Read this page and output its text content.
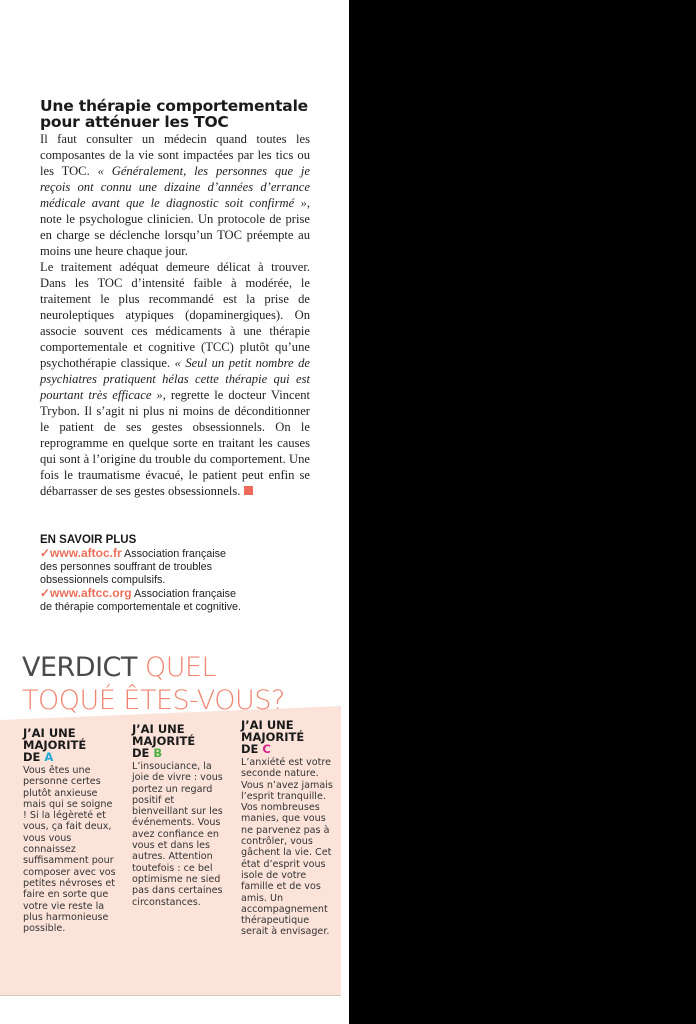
Une thérapie comportementale
pour atténuer les TOC
Il faut consulter un médecin quand toutes les composantes de la vie sont impactées par les tics ou les TOC. « Généralement, les personnes que je reçois ont connu une dizaine d’années d’errance médicale avant que le diagnostic soit confirmé », note le psychologue clinicien. Un protocole de prise en charge se déclenche lorsqu’un TOC préempte au moins une heure chaque jour.
Le traitement adéquat demeure délicat à trouver. Dans les TOC d’intensité faible à modérée, le traitement le plus recommandé est la prise de neuroleptiques atypiques (dopaminergiques). On associe souvent ces médicaments à une thérapie comportementale et cognitive (TCC) plutôt qu’une psychothérapie classique. « Seul un petit nombre de psychiatres pratiquent hélas cette thérapie qui est pourtant très efficace », regrette le docteur Vincent Trybon. Il s’agit ni plus ni moins de déconditionner le patient de ses gestes obsessionnels. On le reprogramme en quelque sorte en traitant les causes qui sont à l’origine du trouble du comportement. Une fois le traumatisme évacué, le patient peut enfin se débarrasser de ses gestes obsessionnels.
EN SAVOIR PLUS
✓www.aftoc.fr Association française
des personnes souffrant de troubles
obsessionnels compulsifs.
✓www.aftcc.org Association française
de thérapie comportementale et cognitive.
VERDICT QUEL
TOQUÉ ÊTES-VOUS?
J’AI UNE
MAJORITÉ
DE A
Vous êtes une personne certes plutôt anxieuse mais qui se soigne ! Si la légèreté et vous, ça fait deux, vous vous connaissez suffisamment pour composer avec vos petites névroses et faire en sorte que votre vie reste la plus harmonieuse possible.
J’AI UNE
MAJORITÉ
DE B
L’insouciance, la joie de vivre : vous portez un regard positif et bienveillant sur les événements. Vous avez confiance en vous et dans les autres. Attention toutefois : ce bel optimisme ne sied pas dans certaines circonstances.
J’AI UNE
MAJORITÉ
DE C
L’anxiété est votre seconde nature. Vous n’avez jamais l’esprit tranquille. Vos nombreuses manies, que vous ne parvenez pas à contrôler, vous gâchent la vie. Cet état d’esprit vous isole de votre famille et de vos amis. Un accompagnement thérapeutique serait à envisager.
